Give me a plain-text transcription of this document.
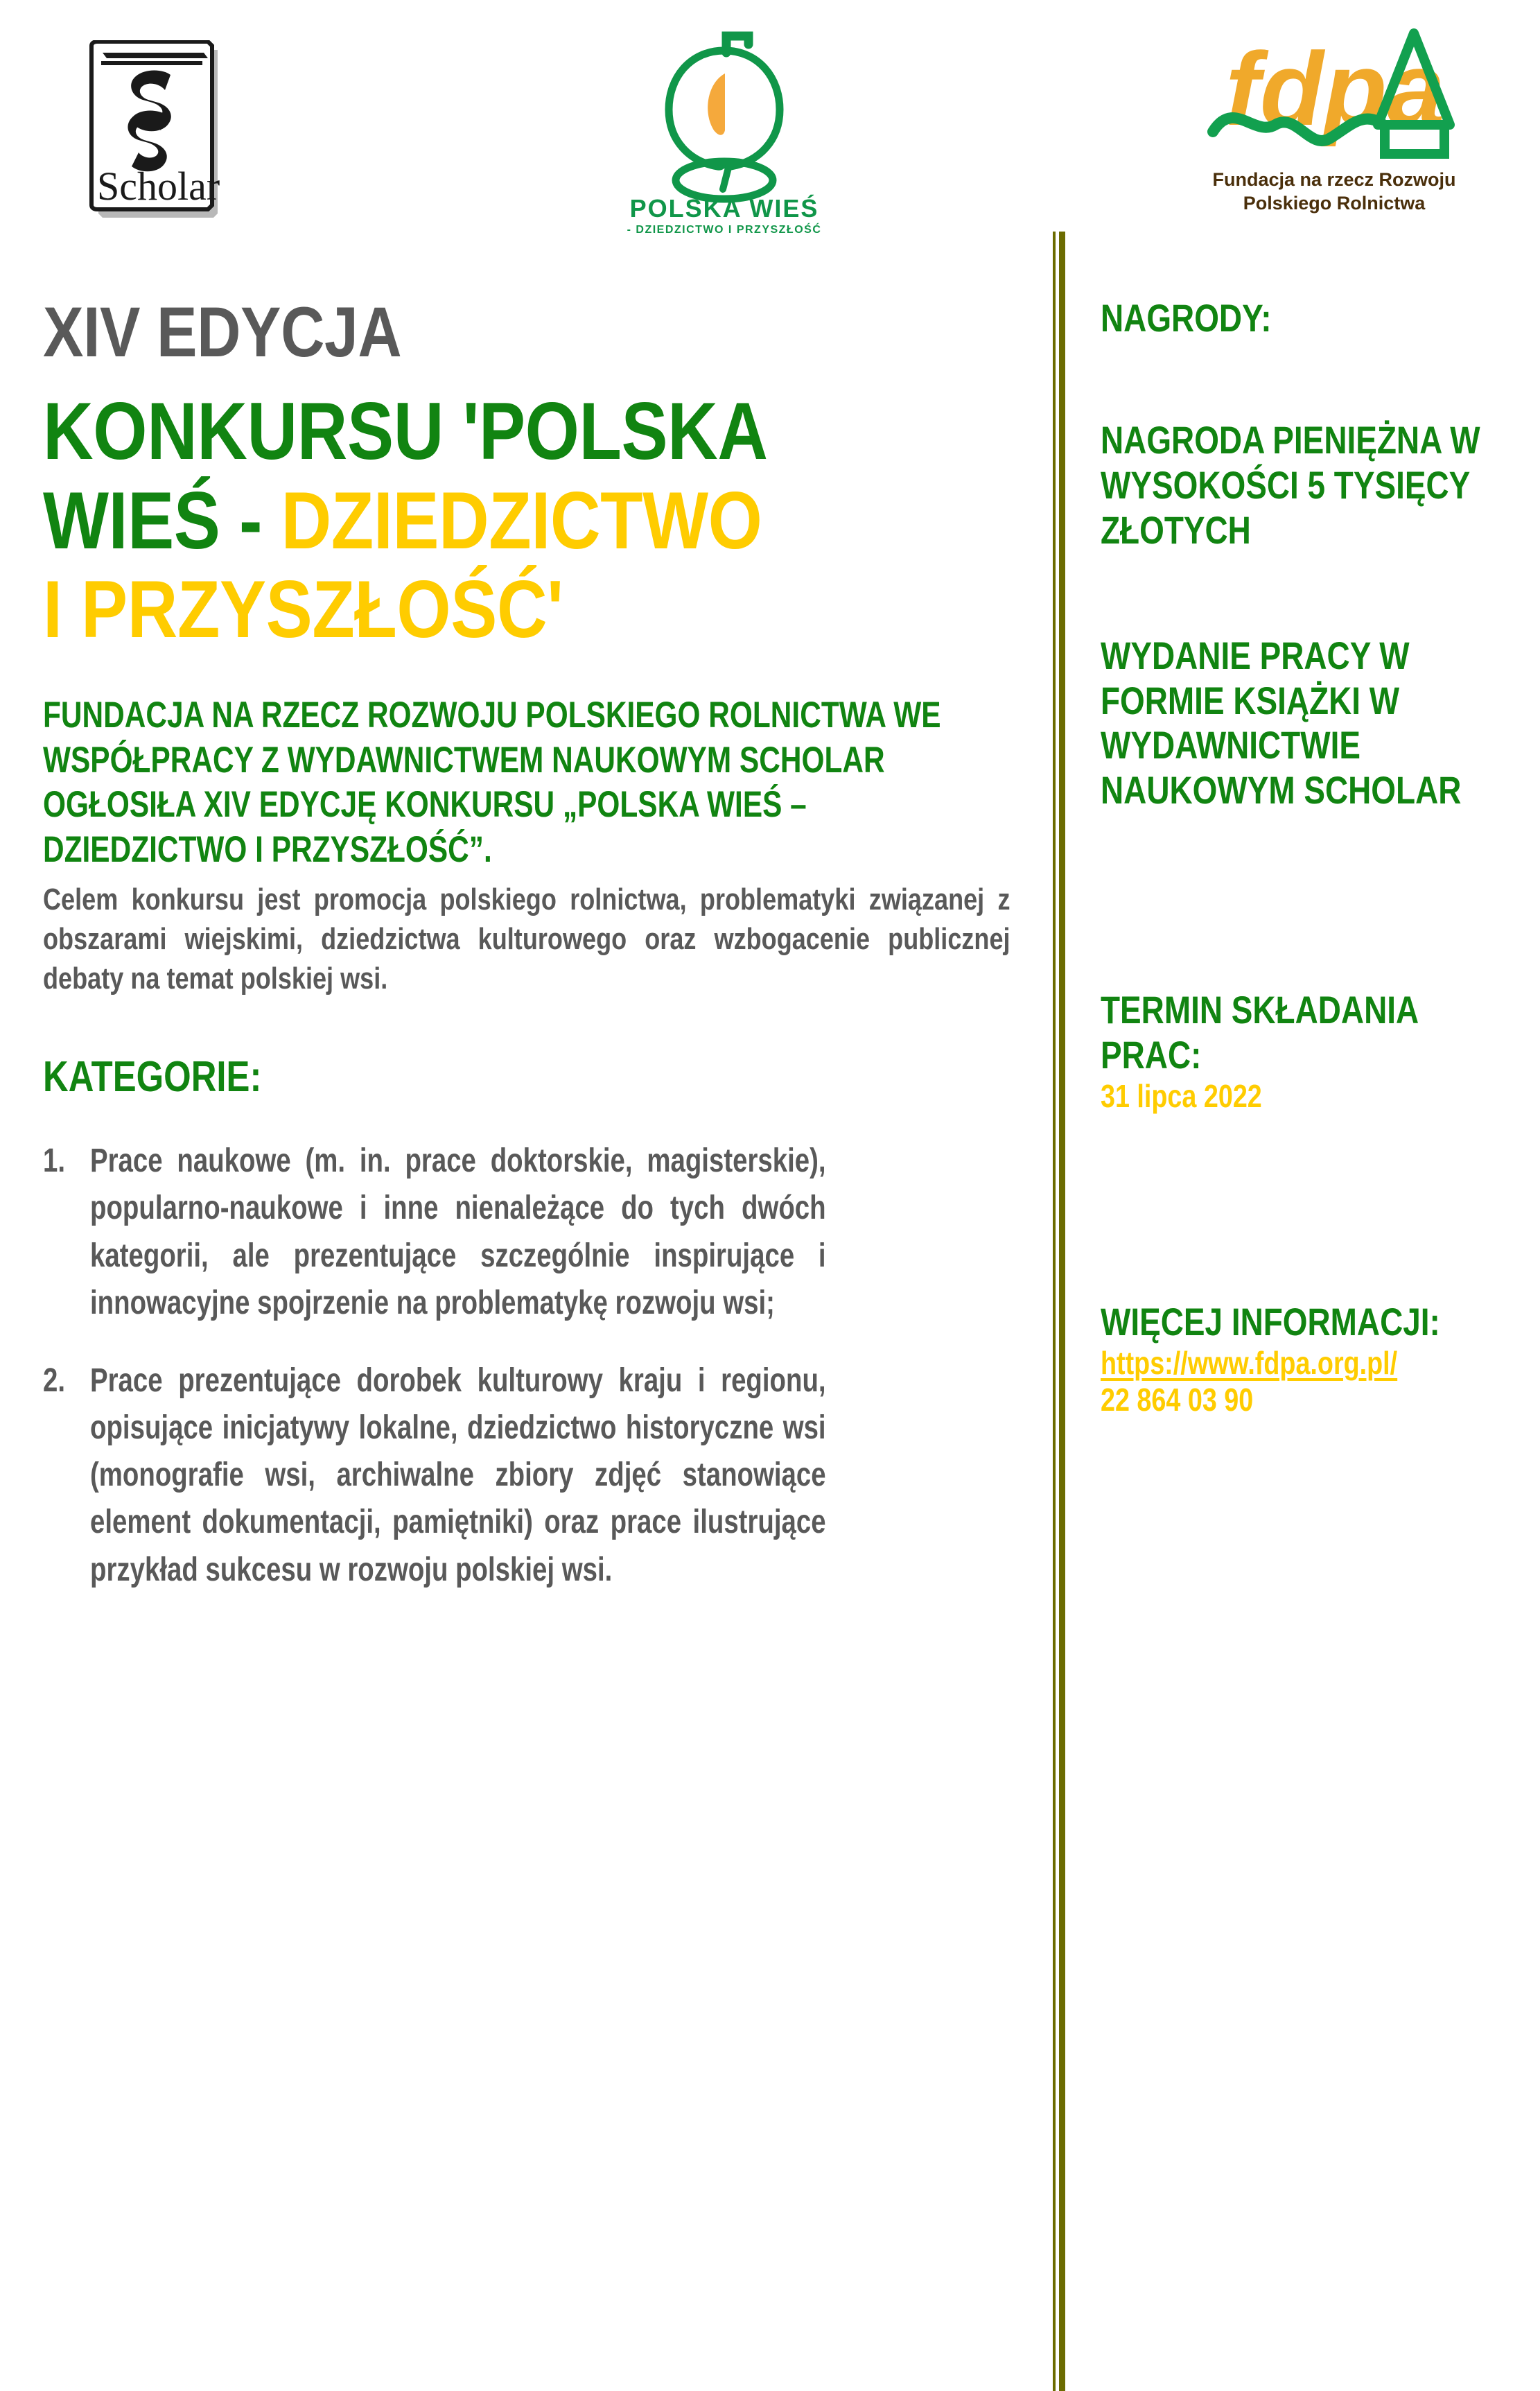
Scholar	POLSKA WIEŚ
- DZIEDZICTWO I PRZYSZŁOŚĆ
fdpa
Fundacja na rzecz Rozwoju
Polskiego Rolnictwa
XIV EDYCJA
KONKURSU 'POLSKA
WIEŚ - DZIEDZICTWO
I PRZYSZŁOŚĆ'

FUNDACJA NA RZECZ ROZWOJU POLSKIEGO ROLNICTWA WE WSPÓŁPRACY Z WYDAWNICTWEM NAUKOWYM SCHOLAR OGŁOSIŁA XIV EDYCJĘ KONKURSU „POLSKA WIEŚ – DZIEDZICTWO I PRZYSZŁOŚĆ”.

Celem konkursu jest promocja polskiego rolnictwa, problematyki związanej z obszarami wiejskimi, dziedzictwa kulturowego oraz wzbogacenie publicznej debaty na temat polskiej wsi.

KATEGORIE:
1. Prace naukowe (m. in. prace doktorskie, magisterskie), popularno-naukowe i inne nienależące do tych dwóch kategorii, ale prezentujące szczególnie inspirujące i innowacyjne spojrzenie na problematykę rozwoju wsi;
2. Prace prezentujące dorobek kulturowy kraju i regionu, opisujące inicjatywy lokalne, dziedzictwo historyczne wsi (monografie wsi, archiwalne zbiory zdjęć stanowiące element dokumentacji, pamiętniki) oraz prace ilustrujące przykład sukcesu w rozwoju polskiej wsi.

NAGRODY:

NAGRODA PIENIĘŻNA W WYSOKOŚCI 5 TYSIĘCY ZŁOTYCH

WYDANIE PRACY W FORMIE KSIĄŻKI W WYDAWNICTWIE NAUKOWYM SCHOLAR

TERMIN SKŁADANIA PRAC:

31 lipca 2022

WIĘCEJ INFORMACJI:

https://www.fdpa.org.pl/

22 864 03 90
